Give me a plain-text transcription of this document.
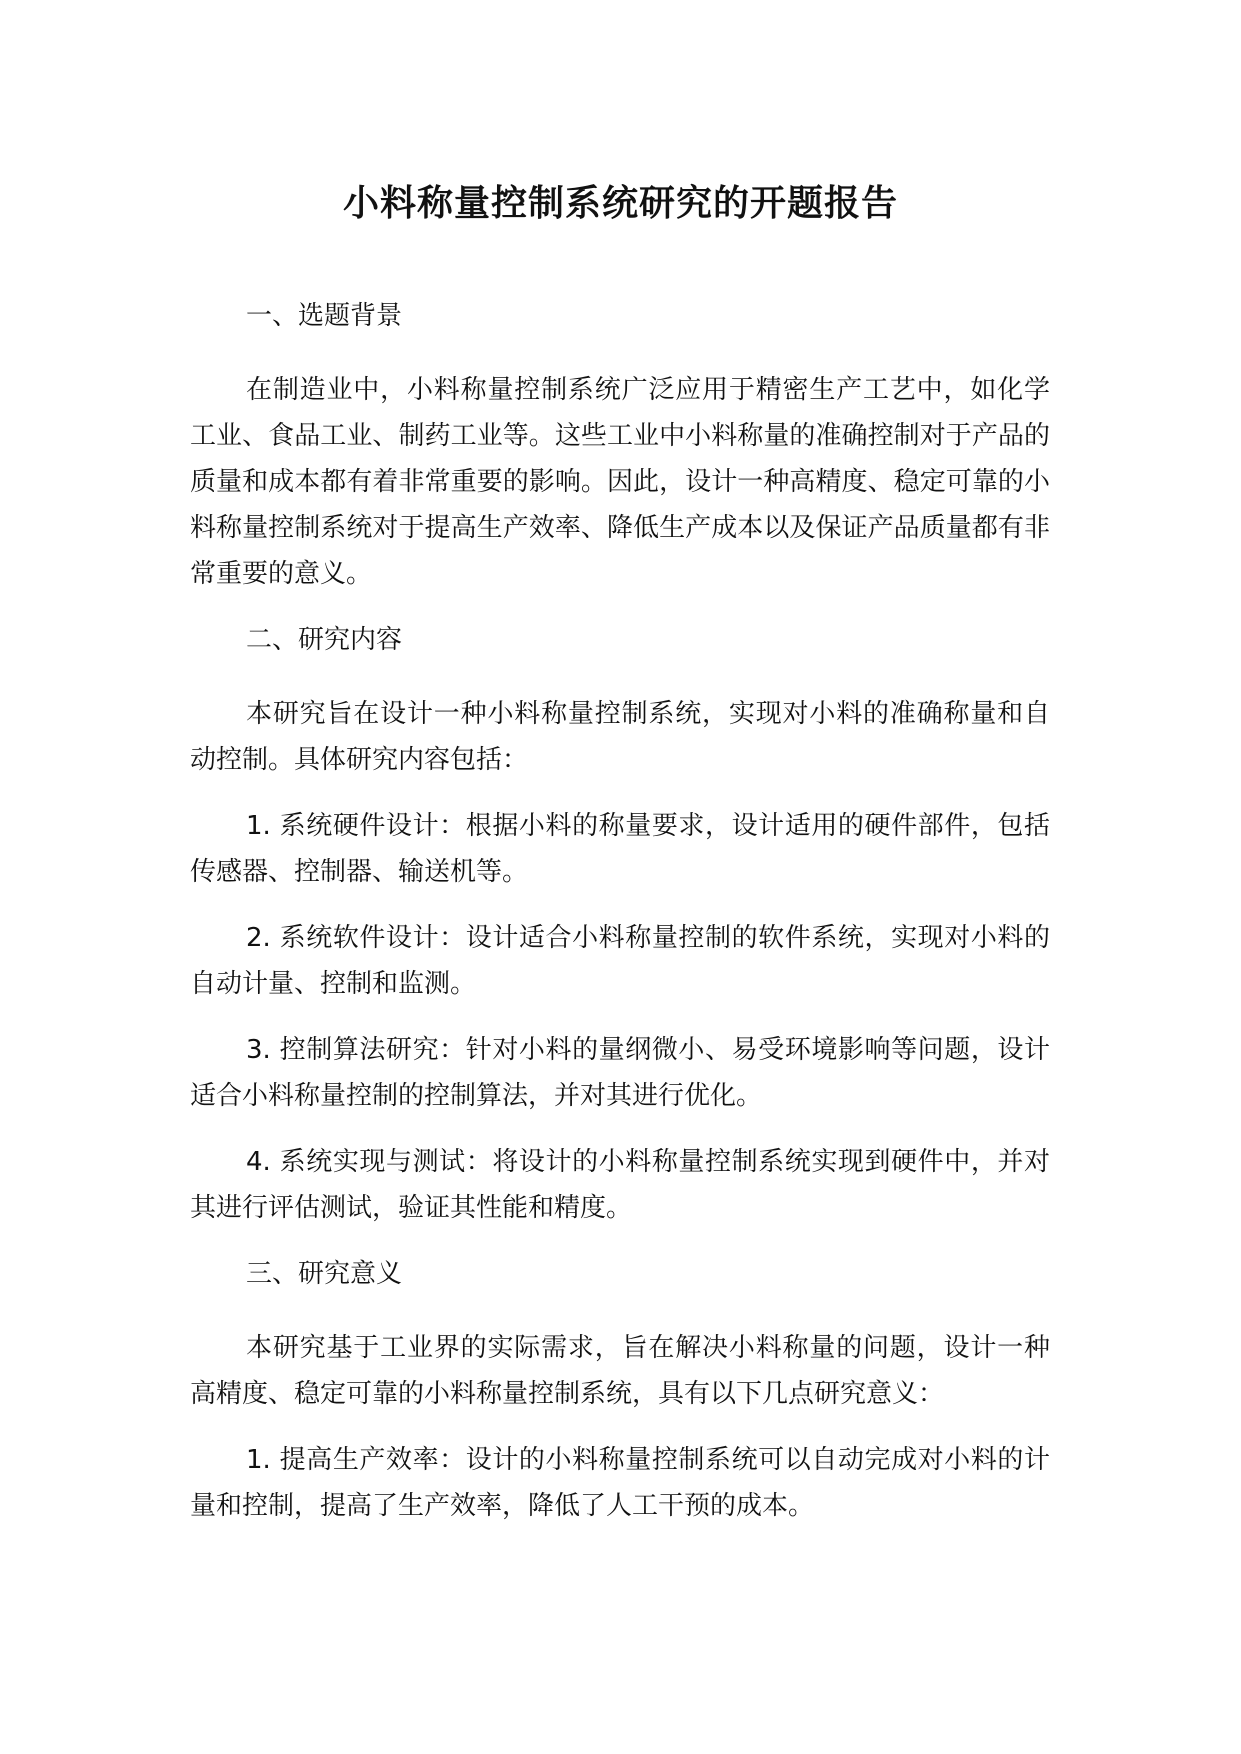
小料称量控制系统研究的开题报告

一、选题背景

在制造业中，小料称量控制系统广泛应用于精密生产工艺中，如化学工业、食品工业、制药工业等。这些工业中小料称量的准确控制对于产品的质量和成本都有着非常重要的影响。因此，设计一种高精度、稳定可靠的小料称量控制系统对于提高生产效率、降低生产成本以及保证产品质量都有非常重要的意义。

二、研究内容

本研究旨在设计一种小料称量控制系统，实现对小料的准确称量和自动控制。具体研究内容包括：

1. 系统硬件设计：根据小料的称量要求，设计适用的硬件部件，包括传感器、控制器、输送机等。

2. 系统软件设计：设计适合小料称量控制的软件系统，实现对小料的自动计量、控制和监测。

3. 控制算法研究：针对小料的量纲微小、易受环境影响等问题，设计适合小料称量控制的控制算法，并对其进行优化。

4. 系统实现与测试：将设计的小料称量控制系统实现到硬件中，并对其进行评估测试，验证其性能和精度。

三、研究意义

本研究基于工业界的实际需求，旨在解决小料称量的问题，设计一种高精度、稳定可靠的小料称量控制系统，具有以下几点研究意义：

1. 提高生产效率：设计的小料称量控制系统可以自动完成对小料的计量和控制，提高了生产效率，降低了人工干预的成本。
